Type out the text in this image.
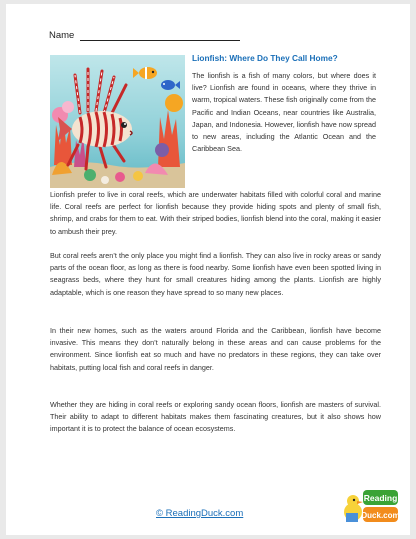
Name
Lionfish: Where Do They Call Home?

The lionfish is a fish of many colors, but where does it live? Lionfish are found in oceans, where they thrive in warm, tropical waters. These fish originally come from the Pacific and Indian Oceans, near countries like Australia, Japan, and Indonesia. However, lionfish have now spread to new areas, including the Atlantic Ocean and the Caribbean Sea.

Lionfish prefer to live in coral reefs, which are underwater habitats filled with colorful coral and marine life. Coral reefs are perfect for lionfish because they provide hiding spots and plenty of small fish, shrimp, and crabs for them to eat. With their striped bodies, lionfish blend into the coral, making it easier to ambush their prey.

But coral reefs aren’t the only place you might find a lionfish. They can also live in rocky areas or sandy parts of the ocean floor, as long as there is food nearby. Some lionfish have even been spotted living in seagrass beds, where they hunt for small creatures hiding among the plants. Lionfish are highly adaptable, which is one reason they have spread to so many new places.

In their new homes, such as the waters around Florida and the Caribbean, lionfish have become invasive. This means they don’t naturally belong in these areas and can cause problems for the environment. Since lionfish eat so much and have no predators in these regions, they can take over habitats, putting local fish and coral reefs in danger.

Whether they are hiding in coral reefs or exploring sandy ocean floors, lionfish are masters of survival. Their ability to adapt to different habitats makes them fascinating creatures, but it also shows how important it is to protect the balance of ocean ecosystems.

© ReadingDuck.com
Reading
Duck.com
